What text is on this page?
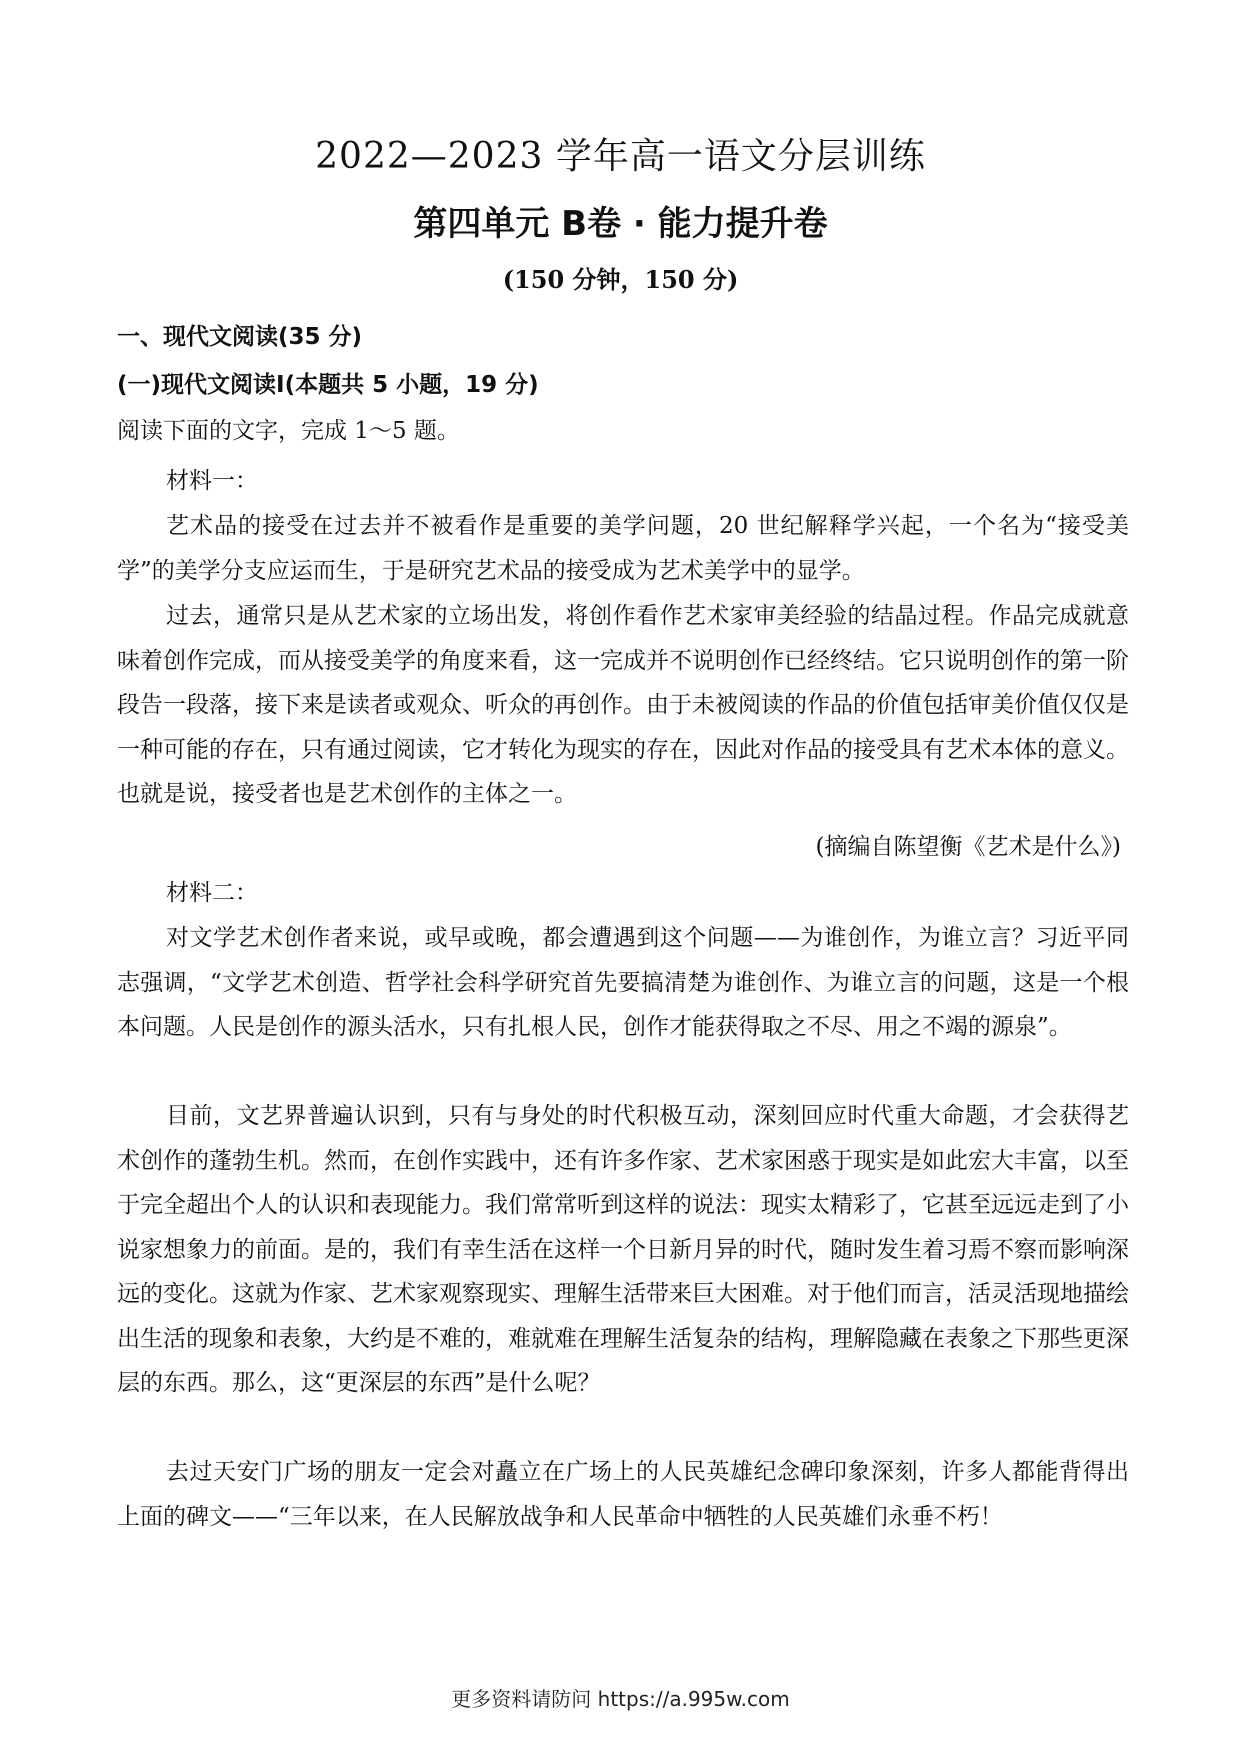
2022—2023 学年高一语文分层训练
第四单元 B卷 · 能力提升卷
(150 分钟，150 分)
一、现代文阅读(35 分)
(一)现代文阅读Ⅰ(本题共 5 小题，19 分)
阅读下面的文字，完成 1～5 题。
材料一：

艺术品的接受在过去并不被看作是重要的美学问题，20 世纪解释学兴起，一个名为“接受美学”的美学分支应运而生，于是研究艺术品的接受成为艺术美学中的显学。

过去，通常只是从艺术家的立场出发，将创作看作艺术家审美经验的结晶过程。作品完成就意味着创作完成，而从接受美学的角度来看，这一完成并不说明创作已经终结。它只说明创作的第一阶段告一段落，接下来是读者或观众、听众的再创作。由于未被阅读的作品的价值包括审美价值仅仅是一种可能的存在，只有通过阅读，它才转化为现实的存在，因此对作品的接受具有艺术本体的意义。也就是说，接受者也是艺术创作的主体之一。

(摘编自陈望衡《艺术是什么》)
材料二：

对文学艺术创作者来说，或早或晚，都会遭遇到这个问题——为谁创作，为谁立言？习近平同志强调，“文学艺术创造、哲学社会科学研究首先要搞清楚为谁创作、为谁立言的问题，这是一个根本问题。人民是创作的源头活水，只有扎根人民，创作才能获得取之不尽、用之不竭的源泉”。

目前，文艺界普遍认识到，只有与身处的时代积极互动，深刻回应时代重大命题，才会获得艺术创作的蓬勃生机。然而，在创作实践中，还有许多作家、艺术家困惑于现实是如此宏大丰富，以至于完全超出个人的认识和表现能力。我们常常听到这样的说法：现实太精彩了，它甚至远远走到了小说家想象力的前面。是的，我们有幸生活在这样一个日新月异的时代，随时发生着习焉不察而影响深远的变化。这就为作家、艺术家观察现实、理解生活带来巨大困难。对于他们而言，活灵活现地描绘出生活的现象和表象，大约是不难的，难就难在理解生活复杂的结构，理解隐藏在表象之下那些更深层的东西。那么，这“更深层的东西”是什么呢？

去过天安门广场的朋友一定会对矗立在广场上的人民英雄纪念碑印象深刻，许多人都能背得出上面的碑文——“三年以来，在人民解放战争和人民革命中牺牲的人民英雄们永垂不朽！

更多资料请防问 https://a.995w.com
